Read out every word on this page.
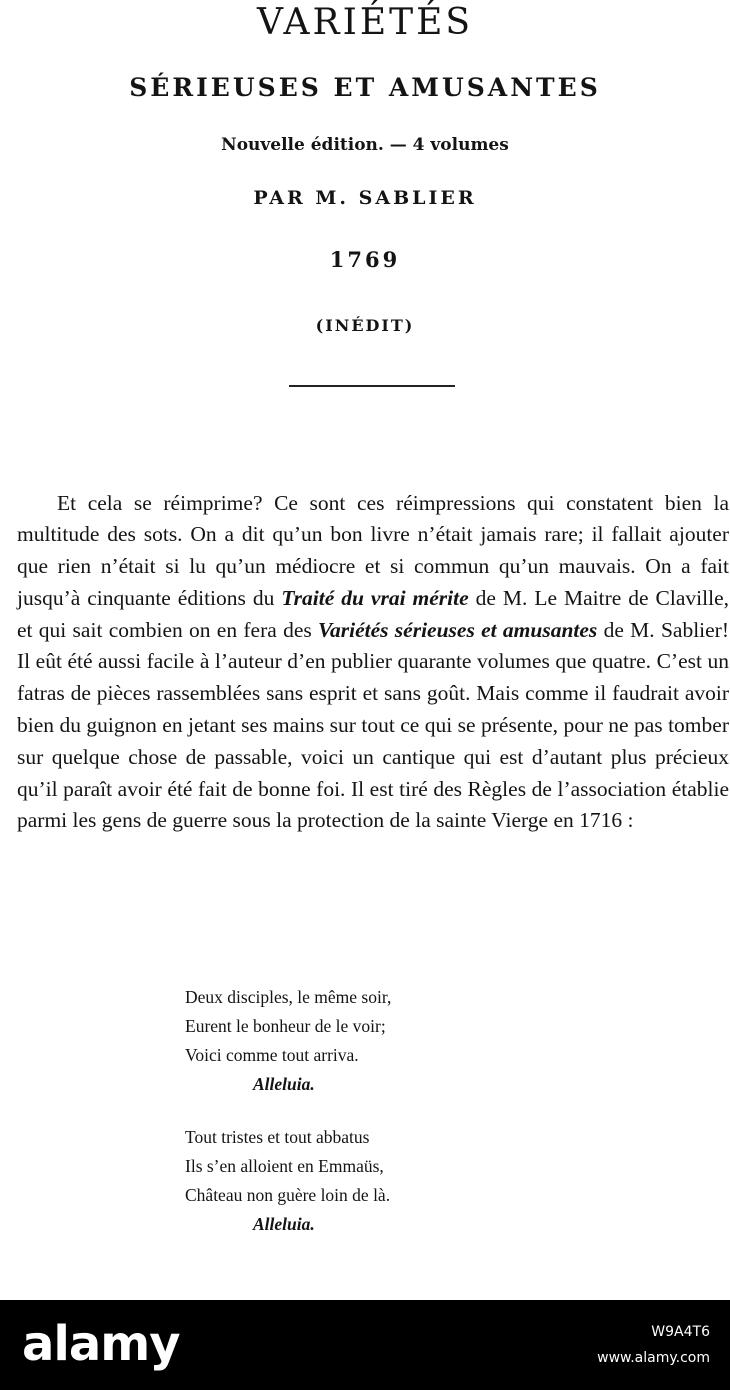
VARIÉTÉS
SÉRIEUSES ET AMUSANTES
Nouvelle édition. — 4 volumes
PAR M. SABLIER
1769
(INÉDIT)

Et cela se réimprime? Ce sont ces réimpressions qui constatent bien la multitude des sots. On a dit qu’un bon livre n’était jamais rare; il fallait ajouter que rien n’était si lu qu’un médiocre et si commun qu’un mauvais. On a fait jusqu’à cinquante éditions du Traité du vrai mérite de M. Le Maitre de Claville, et qui sait combien on en fera des Variétés sérieuses et amusantes de M. Sablier! Il eût été aussi facile à l’auteur d’en publier quarante volumes que quatre. C’est un fatras de pièces rassemblées sans esprit et sans goût. Mais comme il faudrait avoir bien du guignon en jetant ses mains sur tout ce qui se présente, pour ne pas tomber sur quelque chose de passable, voici un cantique qui est d’autant plus précieux qu’il paraît avoir été fait de bonne foi. Il est tiré des Règles de l’association établie parmi les gens de guerre sous la protection de la sainte Vierge en 1716 :

Deux disciples, le même soir,
Eurent le bonheur de le voir;
Voici comme tout arriva.
Alleluia.
Tout tristes et tout abbatus
Ils s’en alloient en Emmaüs,
Château non guère loin de là.
Alleluia.
alamy	W9A4T6
www.alamy.com
